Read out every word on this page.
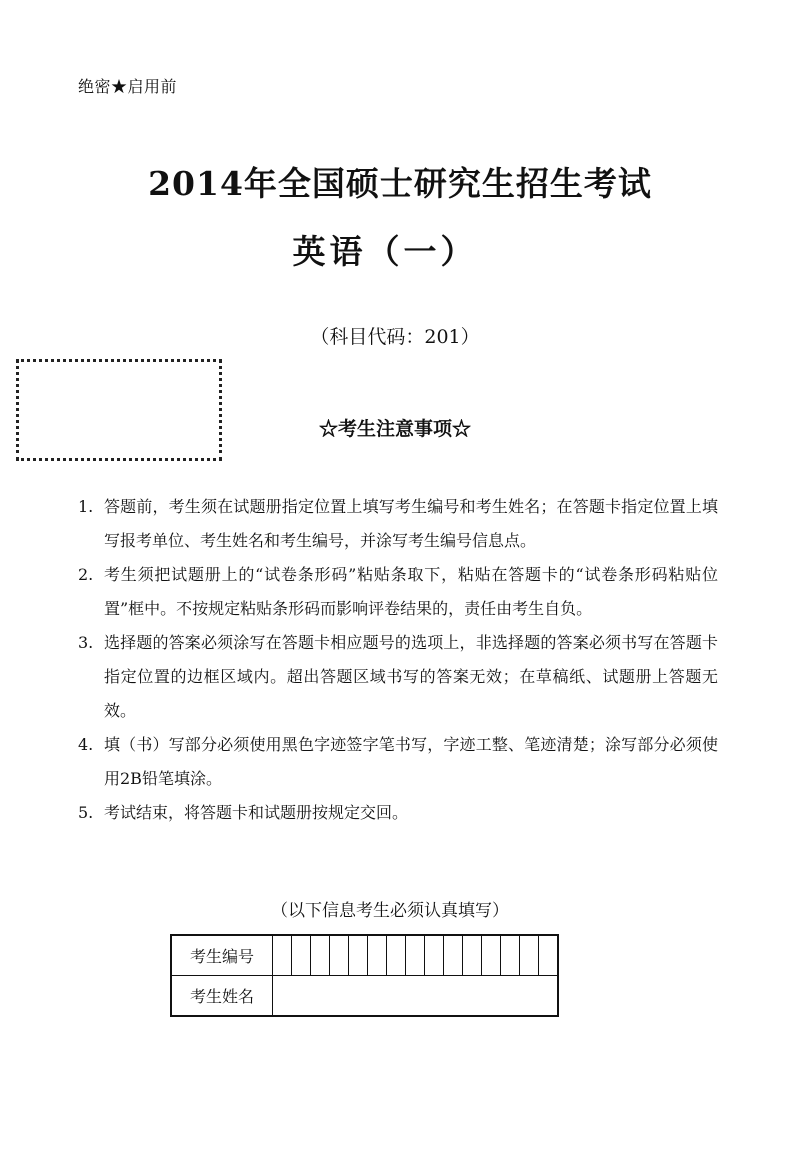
绝密★启用前
2014年全国硕士研究生招生考试
英语（一）
（科目代码：201）
☆考生注意事项☆
1. 答题前，考生须在试题册指定位置上填写考生编号和考生姓名；在答题卡指定位置上填写报考单位、考生姓名和考生编号，并涂写考生编号信息点。
2. 考生须把试题册上的“试卷条形码”粘贴条取下，粘贴在答题卡的“试卷条形码粘贴位置”框中。不按规定粘贴条形码而影响评卷结果的，责任由考生自负。
3. 选择题的答案必须涂写在答题卡相应题号的选项上，非选择题的答案必须书写在答题卡指定位置的边框区域内。超出答题区域书写的答案无效；在草稿纸、试题册上答题无效。
4. 填（书）写部分必须使用黑色字迹签字笔书写，字迹工整、笔迹清楚；涂写部分必须使用2B铅笔填涂。
5. 考试结束，将答题卡和试题册按规定交回。
（以下信息考生必须认真填写）
考生编号															
考生姓名															
